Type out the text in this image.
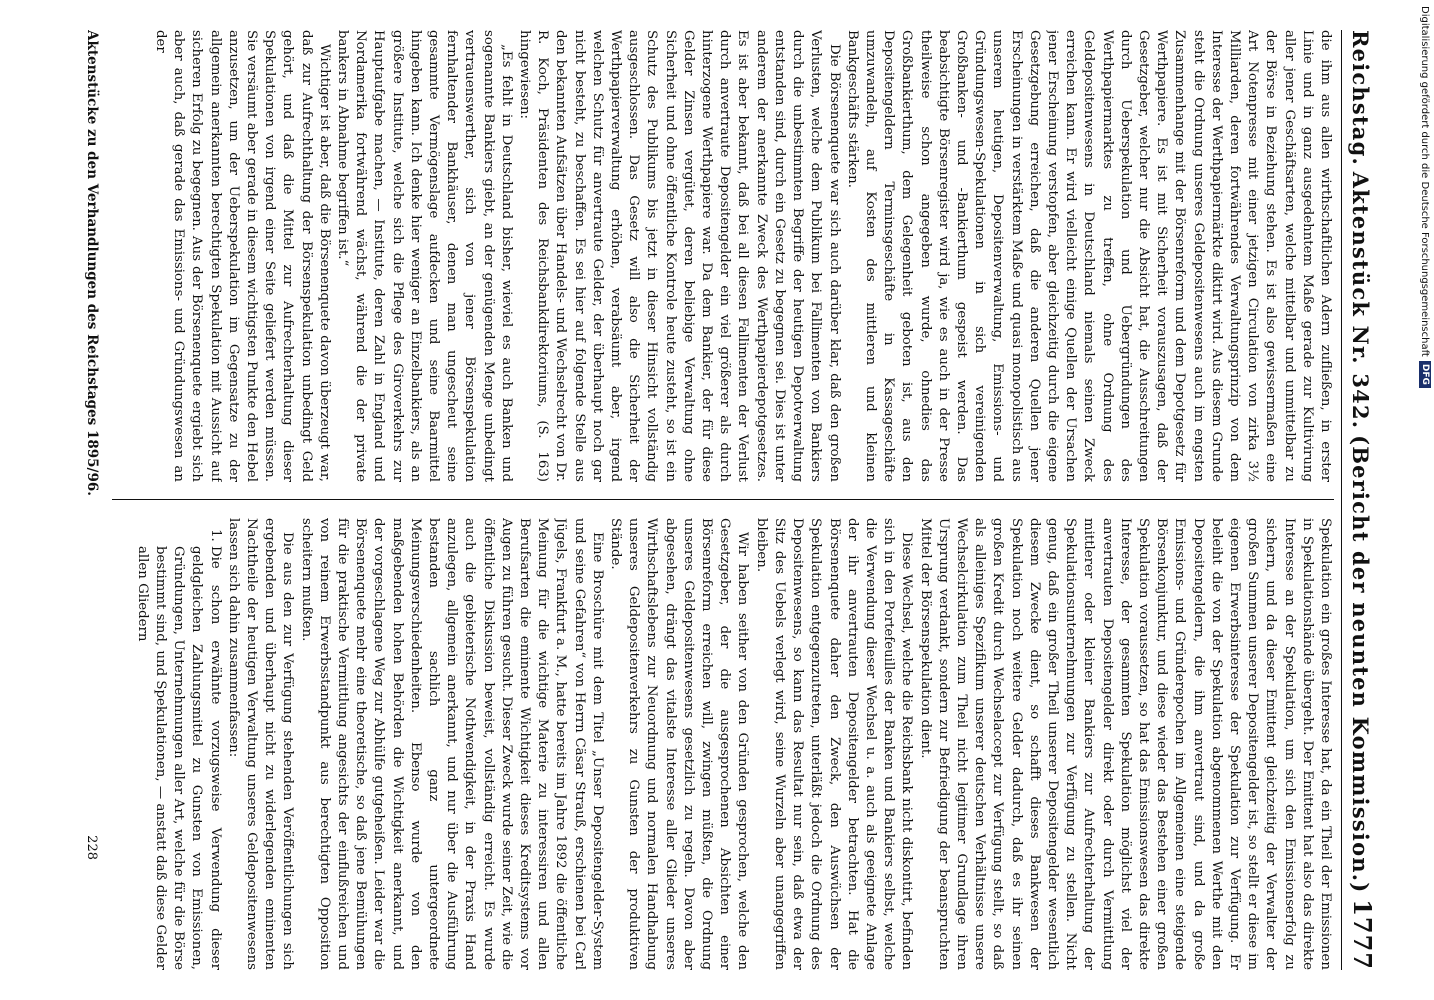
Reichstag.
Aktenstück Nr. 342.
(Bericht der neunten Kommission.)
1777

die ihm aus allen wirthschaftlichen Adern zufließen, in erster Linie und in ganz ausgedehntem Maße gerade zur Kultivirung aller jener Geschäftsarten, welche mittelbar und unmittelbar zu der Börse in Beziehung stehen. Es ist also gewissermaßen eine Art Notenpresse mit einer jetzigen Circulation von zirka 3½ Milliarden, deren fortwährendes Verwaltungsprinzip von dem Interesse der Werthpapiermärkte diktirt wird. Aus diesem Grunde steht die Ordnung unseres Geldepositenwesens auch im engsten Zusammenhange mit der Börsenreform und dem Depotgesetz für Werthpapiere. Es ist mit Sicherheit vorauszusagen, daß der Gesetzgeber, welcher nur die Absicht hat, die Ausschreitungen durch Ueberspekulation und Uebergründungen des Werthpapiermarktes zu treffen, ohne Ordnung des Geldepositenwesens in Deutschland niemals seinen Zweck erreichen kann. Er wird vielleicht einige Quellen der Ursachen jener Erscheinung verstopfen, aber gleichzeitig durch die eigene Gesetzgebung erreichen, daß die anderen Quellen jener Erscheinungen in verstärktem Maße und quasi monopolistisch aus unserem heutigen, Depositenverwaltung, Emissions- und Gründungswesen-Spekulationen in sich vereinigenden Großbanken- und -Bankierthum gespeist werden. Das beabsichtigte Börsenregister wird ja, wie es auch in der Presse theilweise schon angegeben wurde, ohnedies das Großbankierthum, dem Gelegenheit geboten ist, aus den Depositengeldern Terminsgeschäfte in Kassageschäfte umzuwandeln, auf Kosten des mittleren und kleinen Bankgeschäfts stärken.

Die Börsenenquete war sich auch darüber klar, daß den großen Verlusten, welche dem Publikum bei Fallimenten von Bankiers durch die unbestimmten Begriffe der heutigen Depotverwaltung entstanden sind, durch ein Gesetz zu begegnen sei. Dies ist unter anderem der anerkannte Zweck des Werthpapierdepotgesetzes. Es ist aber bekannt, daß bei all diesen Fallimenten der Verlust durch anvertraute Depositengelder ein viel größerer als durch hinterzogene Werthpapiere war. Da dem Bankier, der für diese Gelder Zinsen vergütet, deren beliebige Verwaltung ohne Sicherheit und ohne öffentliche Kontrole heute zusteht, so ist ein Schutz des Publikums bis jetzt in dieser Hinsicht vollständig ausgeschlossen. Das Gesetz will also die Sicherheit der Werthpapierverwaltung erhöhen, verabsäumt aber, irgend welchen Schutz für anvertraute Gelder, der überhaupt noch gar nicht besteht, zu beschaffen. Es sei hier auf folgende Stelle aus den bekannten Aufsätzen über Handels- und Wechselrecht von Dr. R. Koch, Präsidenten des Reichsbankdirektoriums, (S. 163) hingewiesen:

„Es fehlt in Deutschland bisher, wieviel es auch Banken und sogenannte Bankiers giebt, an der genügenden Menge unbedingt vertrauenswerther, sich von jener Börsenspekulation fernhaltender Bankhäuser, denen man ungescheut seine gesammte Vermögenslage aufdecken und seine Baarmittel hingeben kann. Ich denke hier weniger an Einzelbankiers, als an größere Institute, welche sich die Pflege des Giroverkehrs zur Hauptaufgabe machen, — Institute, deren Zahl in England und Nordamerika fortwährend wächst, während die der private bankers in Abnahme begriffen ist.“

Wichtiger ist aber, daß die Börsenenquete davon überzeugt war, daß zur Aufrechthaltung der Börsenspekulation unbedingt Geld gehört, und daß die Mittel zur Aufrechterhaltung dieser Spekulationen von irgend einer Seite geliefert werden müssen. Sie versäumt aber gerade in diesem wichtigsten Punkte den Hebel anzusetzen, um der Ueberspekulation im Gegensatze zu der allgemein anerkannten berechtigten Spekulation mit Aussicht auf sicheren Erfolg zu begegnen. Aus der Börsenenquete ergiebt sich aber auch, daß gerade das Emissions- und Gründungswesen an der

Spekulation ein großes Interesse hat, da ein Theil der Emissionen in Spekulationshände übergeht. Der Emittent hat also das direkte Interesse an der Spekulation, um sich den Emissionserfolg zu sichern, und da dieser Emittent gleichzeitig der Verwalter der großen Summen unserer Depositengelder ist, so stellt er diese im eigenen Erwerbsinteresse der Spekulation zur Verfügung. Er beleiht die von der Spekulation abgenommenen Werthe mit den Depositengeldern, die ihm anvertraut sind, und da große Emissions- und Gründerepochen im Allgemeinen eine steigende Börsenkonjunktur, und diese wieder das Bestehen einer großen Spekulation voraussetzen, so hat das Emissionswesen das direkte Interesse, der gesammten Spekulation möglichst viel der anvertrauten Depositengelder direkt oder durch Vermittlung mittlerer oder kleiner Bankiers zur Aufrechterhaltung der Spekulationsunternehmungen zur Verfügung zu stellen. Nicht genug, daß ein großer Theil unserer Depositengelder wesentlich diesem Zwecke dient, so schafft dieses Bankwesen der Spekulation noch weitere Gelder dadurch, daß es ihr seinen großen Kredit durch Wechselaccept zur Verfügung stellt, so daß als alleiniges Spezifikum unserer deutschen Verhältnisse unsere Wechselcirkulation zum Theil nicht legitimer Grundlage ihren Ursprung verdankt, sondern zur Befriedigung der beanspruchten Mittel der Börsenspekulation dient.

Diese Wechsel, welche die Reichsbank nicht diskontirt, befinden sich in den Portefeuilles der Banken und Bankiers selbst, welche die Verwendung dieser Wechsel u. a. auch als geeignete Anlage der ihr anvertrauten Depositengelder betrachten. Hat die Börsenenquete daher den Zweck, den Auswüchsen der Spekulation entgegenzutreten, unterläßt jedoch die Ordnung des Depositenwesens, so kann das Resultat nur sein, daß etwa der Sitz des Uebels verlegt wird, seine Wurzeln aber unangegriffen bleiben.

Wir haben seither von den Gründen gesprochen, welche den Gesetzgeber, der die ausgesprochenen Absichten einer Börsenreform erreichen will, zwingen müßten, die Ordnung unseres Geldepositenwesens gesetzlich zu regeln. Davon aber abgesehen, drängt das vitalste Interesse aller Glieder unseres Wirthschaftslebens zur Neuordnung und normalen Handhabung unseres Geldepositenverkehrs zu Gunsten der produktiven Stände.

Eine Broschüre mit dem Titel „Unser Depositengelder-System und seine Gefahren“ von Herrn Cäsar Strauß, erschienen bei Carl Jügels, Frankfurt a. M., hatte bereits im Jahre 1892 die öffentliche Meinung für die wichtige Materie zu interessiren und allen Berufsarten die eminente Wichtigkeit dieses Kreditsystems vor Augen zu führen gesucht. Dieser Zweck wurde seiner Zeit, wie die öffentliche Diskussion beweist, vollständig erreicht. Es wurde auch die gebieterische Nothwendigkeit, in der Praxis Hand anzulegen, allgemein anerkannt, und nur über die Ausführung bestanden sachlich ganz untergeordnete Meinungsverschiedenheiten. Ebenso wurde von den maßgebenden hohen Behörden die Wichtigkeit anerkannt, und der vorgeschlagene Weg zur Abhülfe gutgeheißen. Leider war die Börsenenquete mehr eine theoretische, so daß jene Bemühungen für die praktische Vermittlung angesichts der einflußreichen und von reinem Erwerbsstandpunkt aus berechtigten Opposition scheitern mußten.

Die aus den zur Verfügung stehenden Veröffentlichungen sich ergebenden und überhaupt nicht zu widerlegenden eminenten Nachtheile der heutigen Verwaltung unseres Geldepositenwesens lassen sich dahin zusammenfassen:

1. Die schon erwähnte vorzugsweise Verwendung dieser geldgleichen Zahlungsmittel zu Gunsten von Emissionen, Gründungen, Unternehmungen aller Art, welche für die Börse bestimmt sind, und Spekulationen, — anstatt daß diese Gelder allen Gliedern
Aktenstücke zu den Verhandlungen des Reichstages 1895/96.
228
Digitalisierung gefördert durch die Deutsche Forschungsgemeinschaft
DFG
